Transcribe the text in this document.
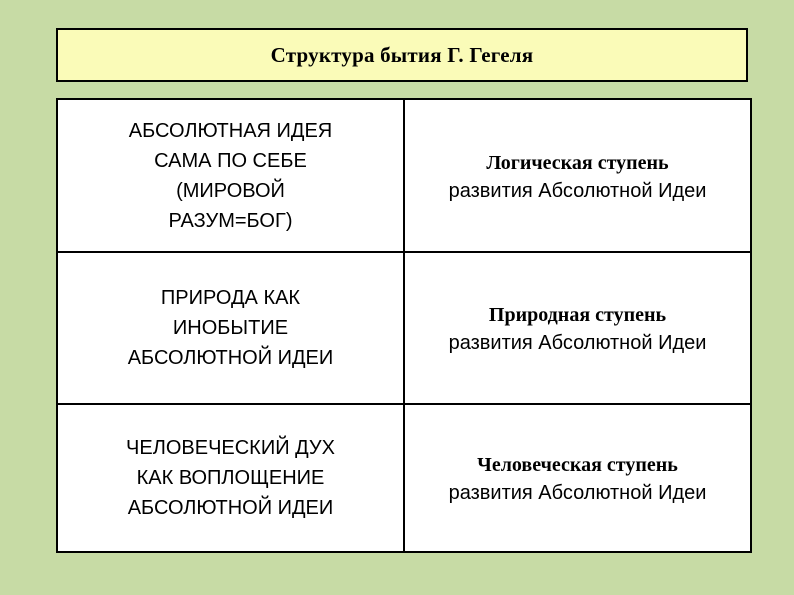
Структура бытия Г. Гегеля
АБСОЛЮТНАЯ ИДЕЯ
САМА ПО СЕБЕ
(МИРОВОЙ
РАЗУМ=БОГ)
Логическая ступень
развития Абсолютной Идеи
ПРИРОДА КАК
ИНОБЫТИЕ
АБСОЛЮТНОЙ ИДЕИ
Природная ступень
развития Абсолютной Идеи
ЧЕЛОВЕЧЕСКИЙ ДУХ
КАК ВОПЛОЩЕНИЕ
АБСОЛЮТНОЙ ИДЕИ
Человеческая ступень
развития Абсолютной Идеи
